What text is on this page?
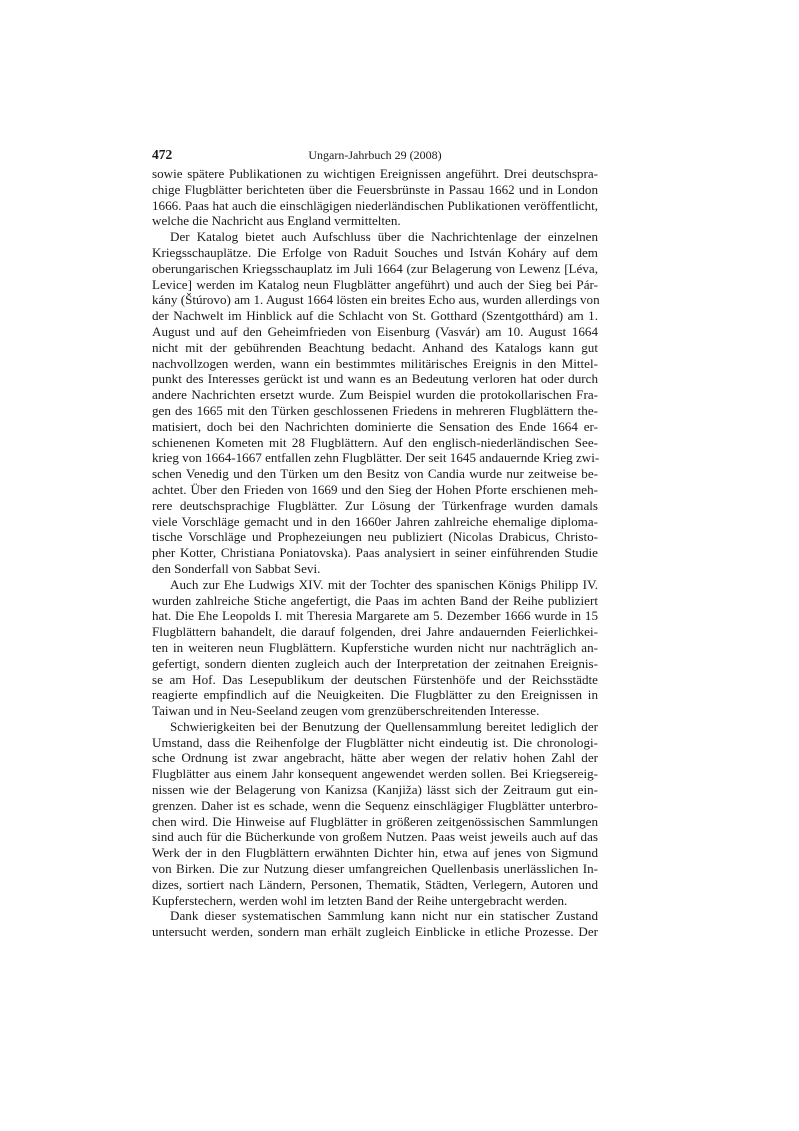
472	Ungarn-Jahrbuch 29 (2008)
sowie spätere Publikationen zu wichtigen Ereignissen angeführt. Drei deutschspra-
chige Flugblätter berichteten über die Feuersbrünste in Passau 1662 und in London
1666. Paas hat auch die einschlägigen niederländischen Publikationen veröffentlicht,
welche die Nachricht aus England vermittelten.
Der Katalog bietet auch Aufschluss über die Nachrichtenlage der einzelnen
Kriegsschauplätze. Die Erfolge von Raduit Souches und István Koháry auf dem
oberungarischen Kriegsschauplatz im Juli 1664 (zur Belagerung von Lewenz [Léva,
Levice] werden im Katalog neun Flugblätter angeführt) und auch der Sieg bei Pár-
kány (Štúrovo) am 1. August 1664 lösten ein breites Echo aus, wurden allerdings von
der Nachwelt im Hinblick auf die Schlacht von St. Gotthard (Szentgotthárd) am 1.
August und auf den Geheimfrieden von Eisenburg (Vasvár) am 10. August 1664
nicht mit der gebührenden Beachtung bedacht. Anhand des Katalogs kann gut
nachvollzogen werden, wann ein bestimmtes militärisches Ereignis in den Mittel-
punkt des Interesses gerückt ist und wann es an Bedeutung verloren hat oder durch
andere Nachrichten ersetzt wurde. Zum Beispiel wurden die protokollarischen Fra-
gen des 1665 mit den Türken geschlossenen Friedens in mehreren Flugblättern the-
matisiert, doch bei den Nachrichten dominierte die Sensation des Ende 1664 er-
schienenen Kometen mit 28 Flugblättern. Auf den englisch-niederländischen See-
krieg von 1664-1667 entfallen zehn Flugblätter. Der seit 1645 andauernde Krieg zwi-
schen Venedig und den Türken um den Besitz von Candia wurde nur zeitweise be-
achtet. Über den Frieden von 1669 und den Sieg der Hohen Pforte erschienen meh-
rere deutschsprachige Flugblätter. Zur Lösung der Türkenfrage wurden damals
viele Vorschläge gemacht und in den 1660er Jahren zahlreiche ehemalige diploma-
tische Vorschläge und Prophezeiungen neu publiziert (Nicolas Drabicus, Christo-
pher Kotter, Christiana Poniatovska). Paas analysiert in seiner einführenden Studie
den Sonderfall von Sabbat Sevi.
Auch zur Ehe Ludwigs XIV. mit der Tochter des spanischen Königs Philipp IV.
wurden zahlreiche Stiche angefertigt, die Paas im achten Band der Reihe publiziert
hat. Die Ehe Leopolds I. mit Theresia Margarete am 5. Dezember 1666 wurde in 15
Flugblättern bahandelt, die darauf folgenden, drei Jahre andauernden Feierlichkei-
ten in weiteren neun Flugblättern. Kupferstiche wurden nicht nur nachträglich an-
gefertigt, sondern dienten zugleich auch der Interpretation der zeitnahen Ereignis-
se am Hof. Das Lesepublikum der deutschen Fürstenhöfe und der Reichsstädte
reagierte empfindlich auf die Neuigkeiten. Die Flugblätter zu den Ereignissen in
Taiwan und in Neu-Seeland zeugen vom grenzüberschreitenden Interesse.
Schwierigkeiten bei der Benutzung der Quellensammlung bereitet lediglich der
Umstand, dass die Reihenfolge der Flugblätter nicht eindeutig ist. Die chronologi-
sche Ordnung ist zwar angebracht, hätte aber wegen der relativ hohen Zahl der
Flugblätter aus einem Jahr konsequent angewendet werden sollen. Bei Kriegsereig-
nissen wie der Belagerung von Kanizsa (Kanjiža) lässt sich der Zeitraum gut ein-
grenzen. Daher ist es schade, wenn die Sequenz einschlägiger Flugblätter unterbro-
chen wird. Die Hinweise auf Flugblätter in größeren zeitgenössischen Sammlungen
sind auch für die Bücherkunde von großem Nutzen. Paas weist jeweils auch auf das
Werk der in den Flugblättern erwähnten Dichter hin, etwa auf jenes von Sigmund
von Birken. Die zur Nutzung dieser umfangreichen Quellenbasis unerlässlichen In-
dizes, sortiert nach Ländern, Personen, Thematik, Städten, Verlegern, Autoren und
Kupferstechern, werden wohl im letzten Band der Reihe untergebracht werden.
Dank dieser systematischen Sammlung kann nicht nur ein statischer Zustand
untersucht werden, sondern man erhält zugleich Einblicke in etliche Prozesse. Der
